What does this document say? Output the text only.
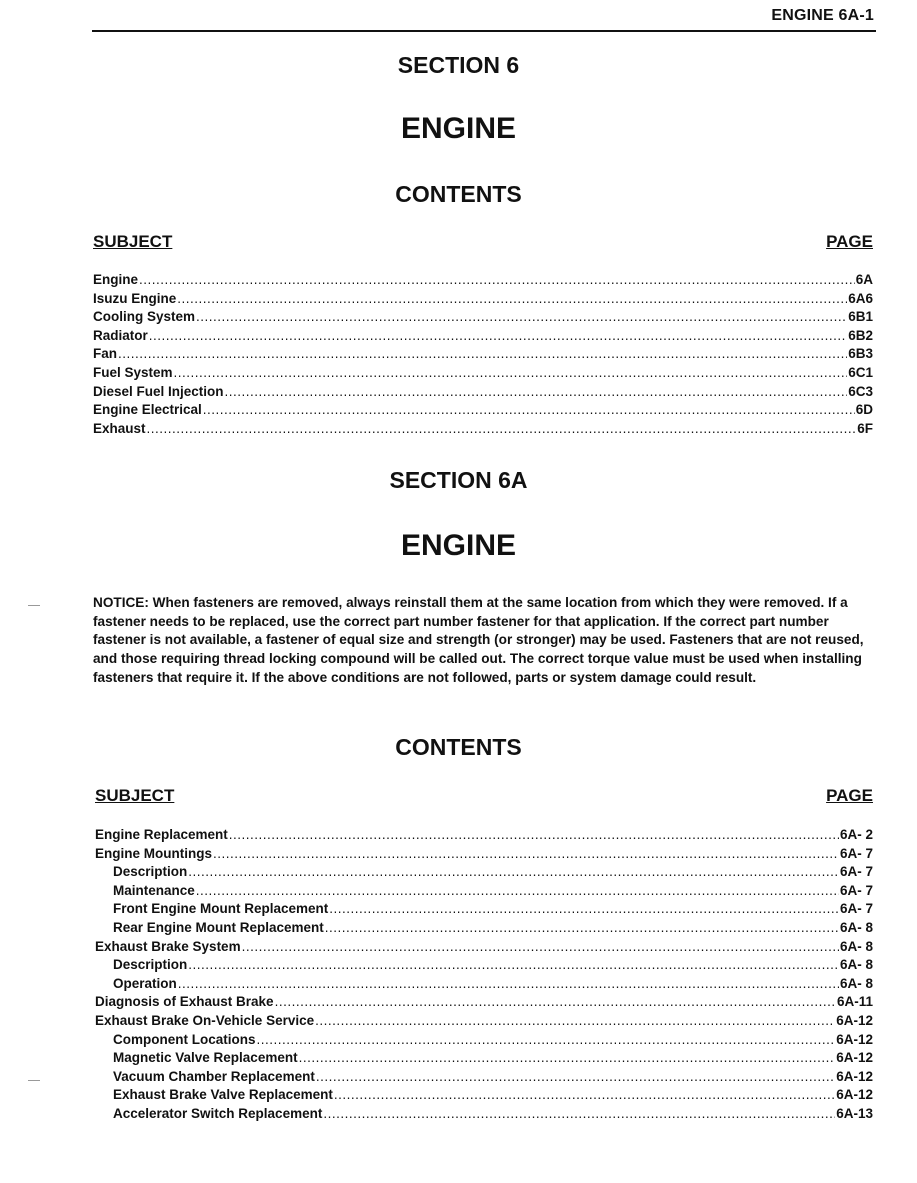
ENGINE 6A-1
SECTION 6
ENGINE
CONTENTS
SUBJECT	PAGE
Engine .....	6A
Isuzu Engine .....	6A6
Cooling System .....	6B1
Radiator .....	6B2
Fan .....	6B3
Fuel System .....	6C1
Diesel Fuel Injection .....	6C3
Engine Electrical .....	6D
Exhaust .....	6F
SECTION 6A
ENGINE
NOTICE: When fasteners are removed, always reinstall them at the same location from which they were removed. If a fastener needs to be replaced, use the correct part number fastener for that application. If the correct part number fastener is not available, a fastener of equal size and strength (or stronger) may be used. Fasteners that are not reused, and those requiring thread locking compound will be called out. The correct torque value must be used when installing fasteners that require it. If the above conditions are not followed, parts or system damage could result.
CONTENTS
SUBJECT	PAGE
Engine Replacement .....	6A- 2
Engine Mountings .....	6A- 7
Description .....	6A- 7
Maintenance .....	6A- 7
Front Engine Mount Replacement .....	6A- 7
Rear Engine Mount Replacement .....	6A- 8
Exhaust Brake System .....	6A- 8
Description .....	6A- 8
Operation .....	6A- 8
Diagnosis of Exhaust Brake .....	6A-11
Exhaust Brake On-Vehicle Service .....	6A-12
Component Locations .....	6A-12
Magnetic Valve Replacement .....	6A-12
Vacuum Chamber Replacement .....	6A-12
Exhaust Brake Valve Replacement .....	6A-12
Accelerator Switch Replacement .....	6A-13
